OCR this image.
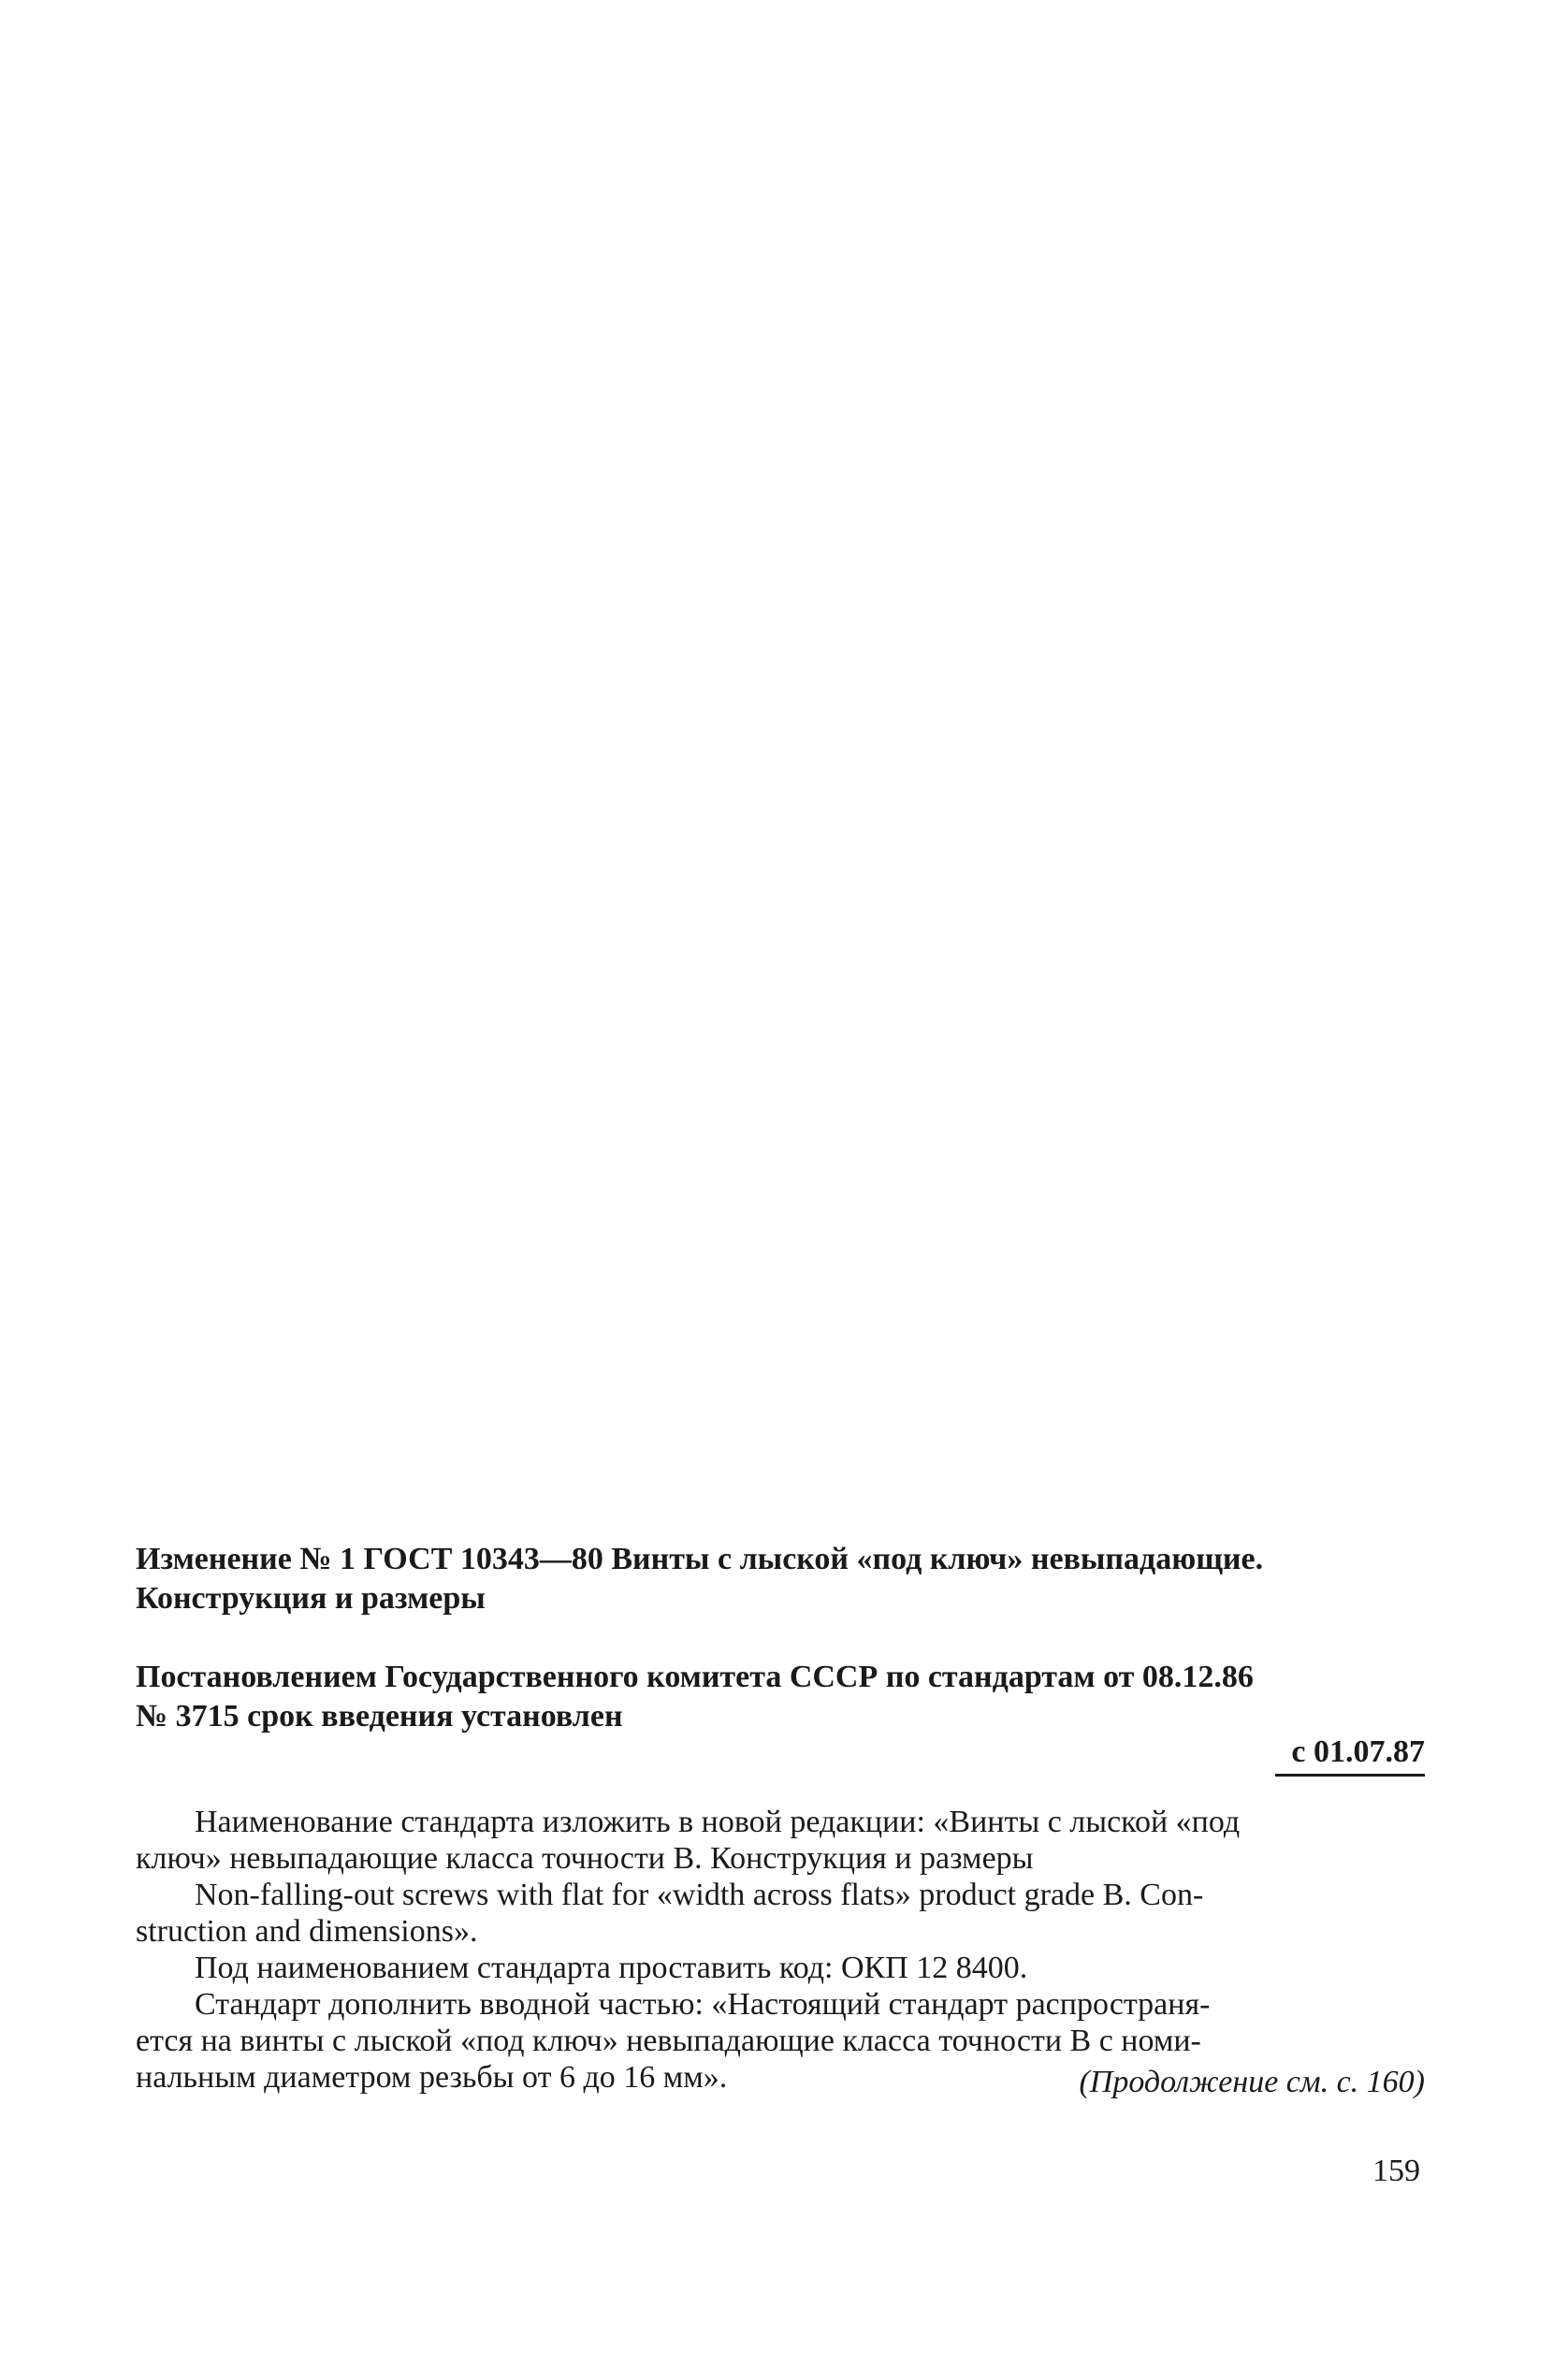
Изменение № 1 ГОСТ 10343—80 Винты с лыской «под ключ» невыпадающие.
Конструкция и размеры
Постановлением Государственного комитета СССР по стандартам от 08.12.86
№ 3715 срок введения установлен
с 01.07.87
Наименование стандарта изложить в новой редакции: «Винты с лыской «под
ключ» невыпадающие класса точности В. Конструкция и размеры
Non-falling-out screws with flat for «width across flats» product grade B. Con-
struction and dimensions».
Под наименованием стандарта проставить код: ОКП 12 8400.
Стандарт дополнить вводной частью: «Настоящий стандарт распространя-
ется на винты с лыской «под ключ» невыпадающие класса точности В с номи-
нальным диаметром резьбы от 6 до 16 мм».	(Продолжение см. с. 160)
159
